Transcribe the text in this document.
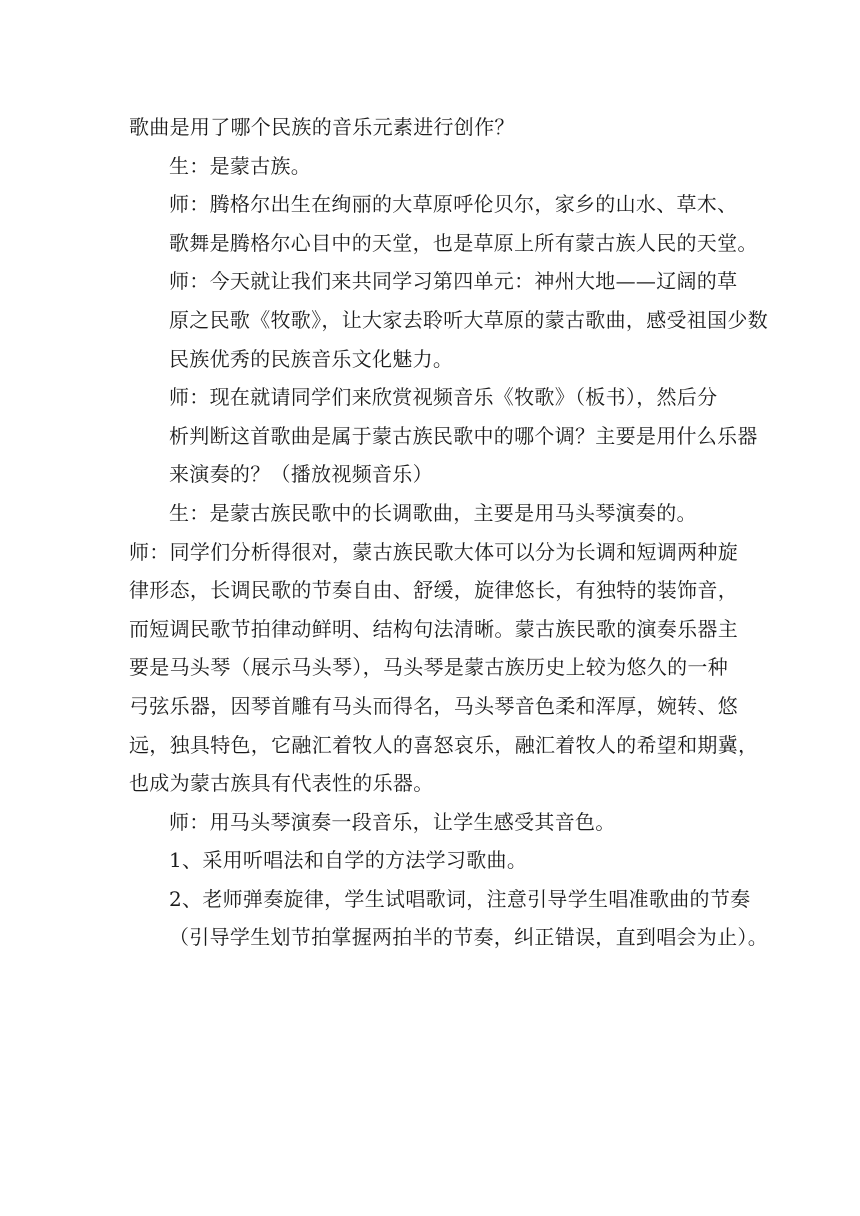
歌曲是用了哪个民族的音乐元素进行创作？

生：是蒙古族。

师：腾格尔出生在绚丽的大草原呼伦贝尔，家乡的山水、草木、
歌舞是腾格尔心目中的天堂，也是草原上所有蒙古族人民的天堂。

师：今天就让我们来共同学习第四单元：神州大地——辽阔的草
原之民歌《牧歌》，让大家去聆听大草原的蒙古歌曲，感受祖国少数
民族优秀的民族音乐文化魅力。

师：现在就请同学们来欣赏视频音乐《牧歌》（板书），然后分
析判断这首歌曲是属于蒙古族民歌中的哪个调？主要是用什么乐器
来演奏的？（播放视频音乐）

生：是蒙古族民歌中的长调歌曲，主要是用马头琴演奏的。

师：同学们分析得很对，蒙古族民歌大体可以分为长调和短调两种旋
律形态，长调民歌的节奏自由、舒缓，旋律悠长，有独特的装饰音，
而短调民歌节拍律动鲜明、结构句法清晰。蒙古族民歌的演奏乐器主
要是马头琴（展示马头琴），马头琴是蒙古族历史上较为悠久的一种
弓弦乐器，因琴首雕有马头而得名，马头琴音色柔和浑厚，婉转、悠
远，独具特色，它融汇着牧人的喜怒哀乐，融汇着牧人的希望和期冀，
也成为蒙古族具有代表性的乐器。

师：用马头琴演奏一段音乐，让学生感受其音色。

1、采用听唱法和自学的方法学习歌曲。

2、老师弹奏旋律，学生试唱歌词，注意引导学生唱准歌曲的节奏
（引导学生划节拍掌握两拍半的节奏，纠正错误，直到唱会为止）。
